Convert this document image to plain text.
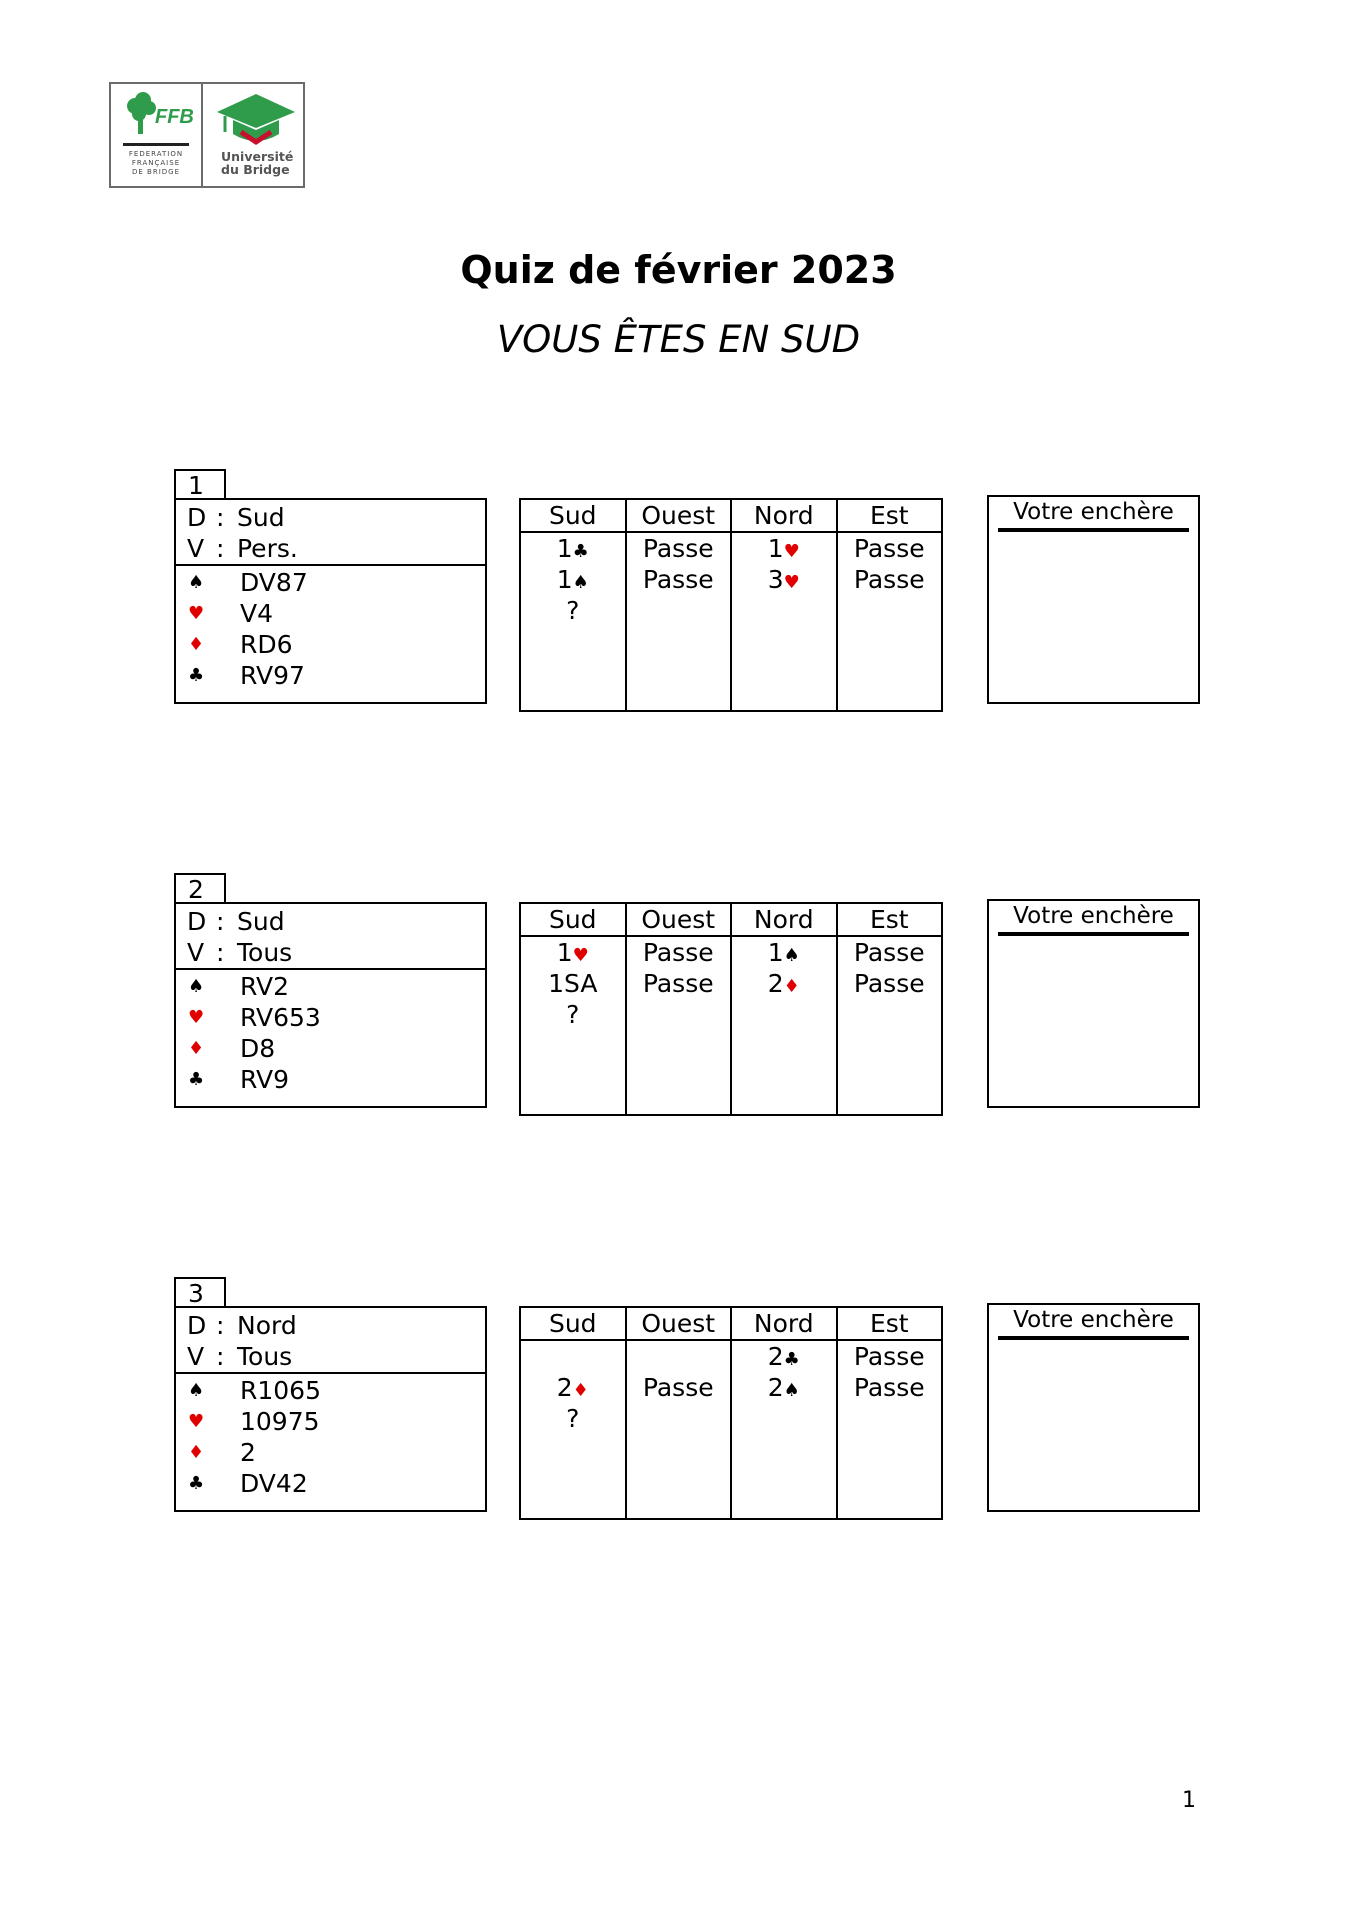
FFB
FEDERATION
FRANÇAISE
DE BRIDGE
Université
du Bridge
Quiz de février 2023
VOUS ÊTES EN SUD
1
D : Sud
V : Pers.
♠ DV87
♥ V4
♦ RD6
♣ RV97
Sud
1♣
1♠
?
Ouest
Passe
Passe
Nord
1♥
3♥
Est
Passe
Passe
Votre enchère
2
D : Sud
V : Tous
♠ RV2
♥ RV653
♦ D8
♣ RV9
Sud
1♥
1SA
?
Ouest
Passe
Passe
Nord
1♠
2♦
Est
Passe
Passe
Votre enchère
3
D : Nord
V : Tous
♠ R1065
♥ 10975
♦ 2
♣ DV42
Sud
2♦
?
Ouest
Passe
Nord
2♣
2♠
Est
Passe
Passe
Votre enchère
1
